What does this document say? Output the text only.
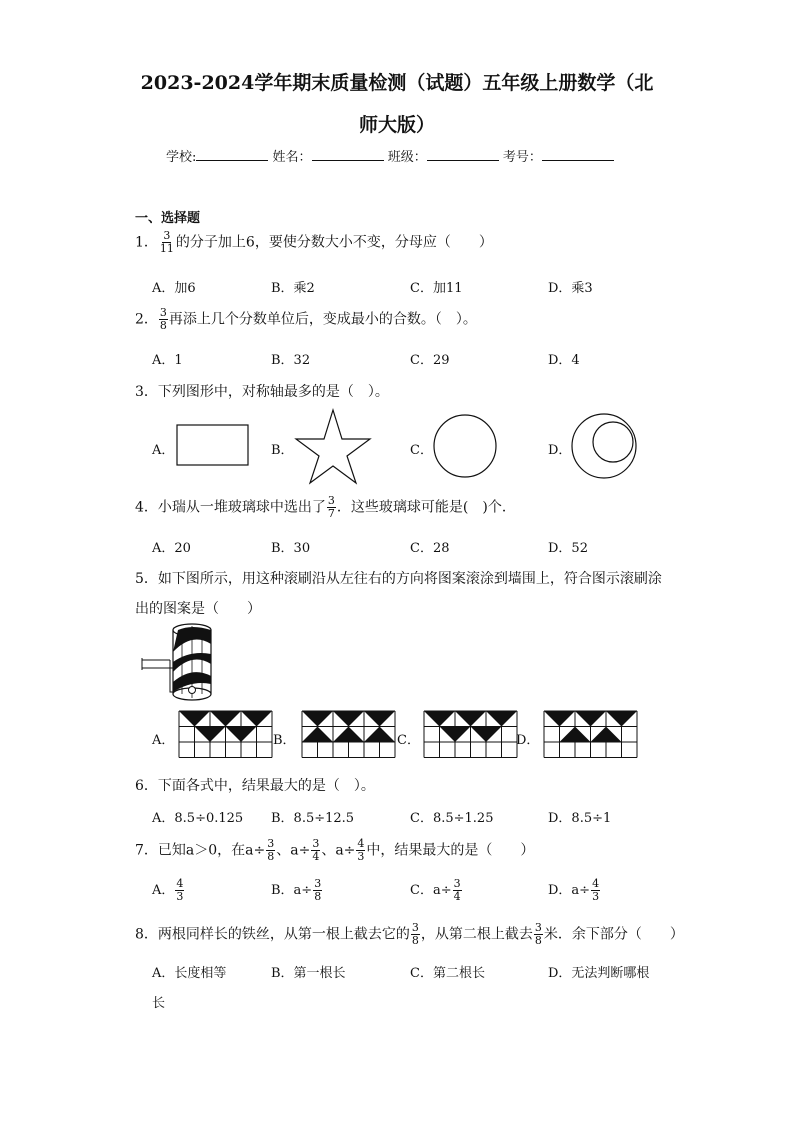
2023-2024学年期末质量检测（试题）五年级上册数学（北
师大版）
学校:	姓名：	班级：	考号：
一、选择题
1． $\frac{3}{11}$ 的分子加上6，要使分数大小不变，分母应（　　）
A．加6	B．乘2	C．加11	D．乘3
2． $\frac{3}{8}$ 再添上几个分数单位后，变成最小的合数。（　）。
A．1	B．32	C．29	D．4
3．下列图形中，对称轴最多的是（　）。
A．	B．	C．	D．
4．小瑞从一堆玻璃球中选出了 $\frac{3}{7}$ ．这些玻璃球可能是(　)个．
A．20	B．30	C．28	D．52
5．如下图所示，用这种滚刷沿从左往右的方向将图案滚涂到墙围上，符合图示滚刷涂
出的图案是（　　）
A．	B．	C．	D．
6．下面各式中，结果最大的是（　）。
A．8.5÷0.125 B．8.5÷12.5	C．8.5÷1.25	D．8.5÷1
7．已知a＞0，在$a\div \frac{3}{8}$ 、$a\div \frac{3}{4}$ 、$a\div \frac{4}{3}$ 中，结果最大的是（　　）
A． $\frac{4}{3}$	B．$a\div \frac{3}{8}$	C．$a\div \frac{3}{4}$	D．$a\div \frac{4}{3}$
8．两根同样长的铁丝，从第一根上截去它的 $\frac{3}{8}$ ，从第二根上截去 $\frac{3}{8}$ 米．余下部分（　　）
A．长度相等	B．第一根长	C．第二根长	D．无法判断哪根
长
